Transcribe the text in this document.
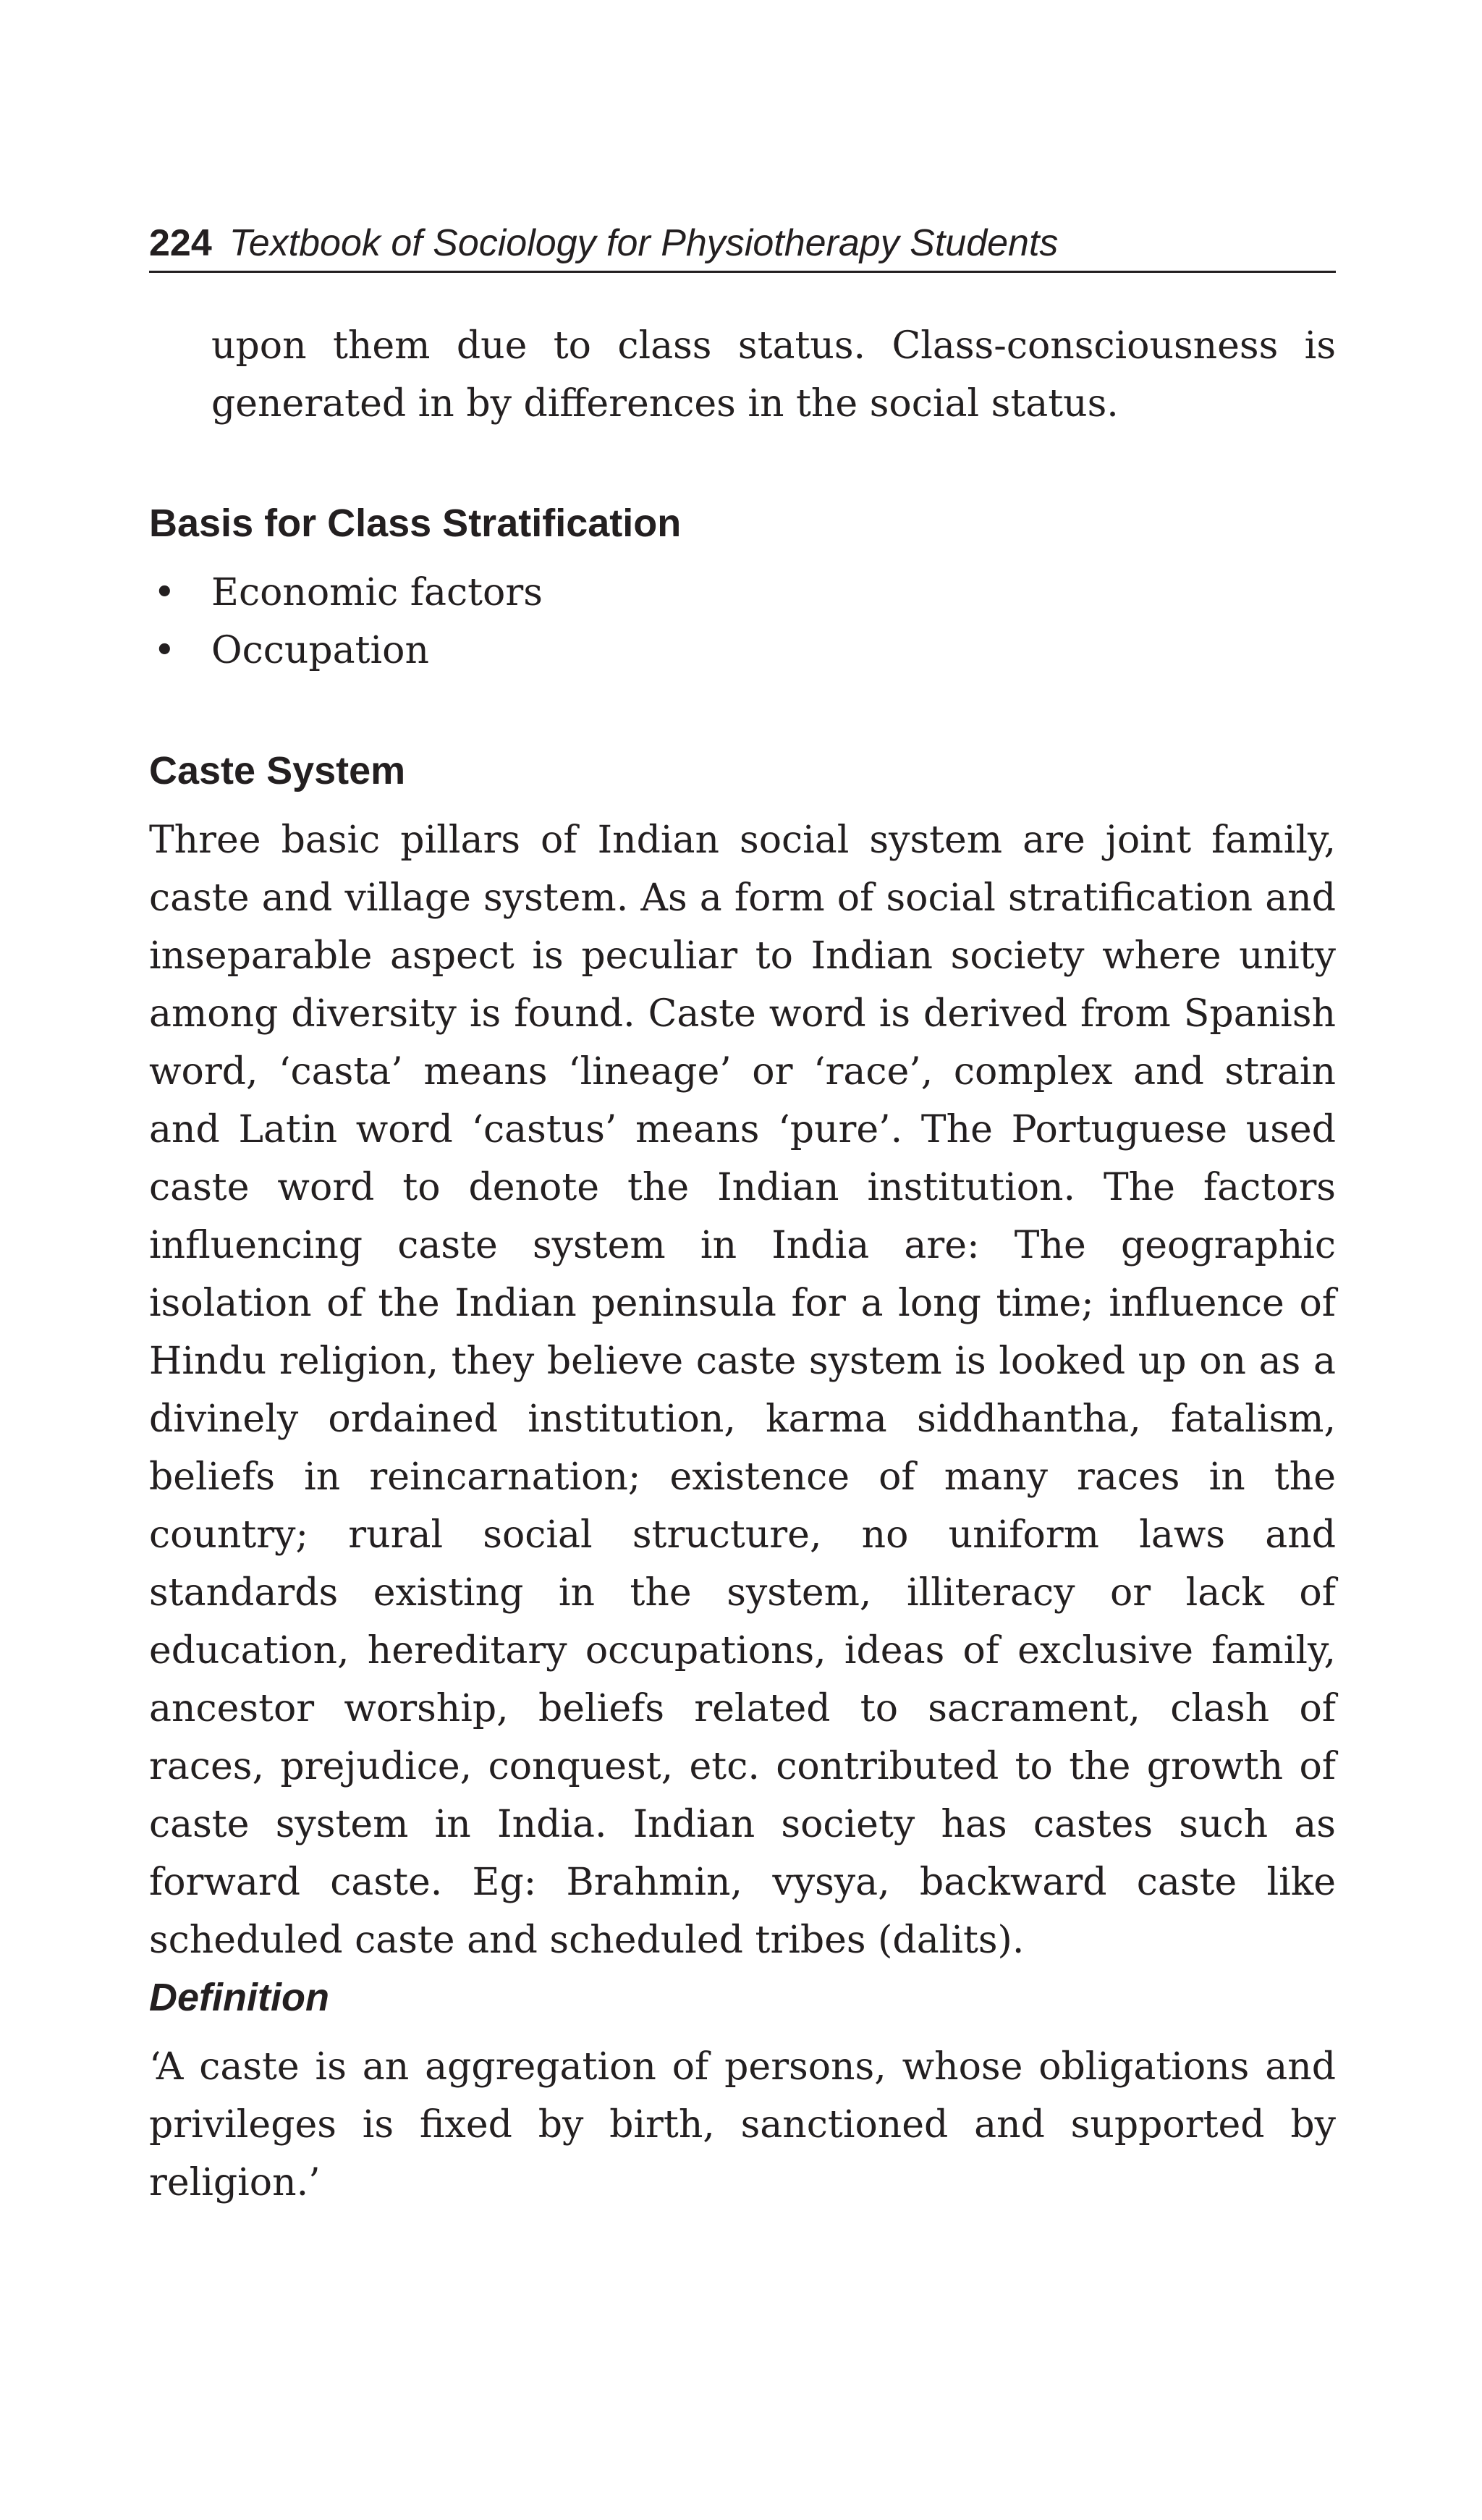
224 Textbook of Sociology for Physiotherapy Students

upon them due to class status. Class-consciousness is generated in by differences in the social status.

Basis for Class Stratification
• Economic factors
• Occupation
Caste System

Three basic pillars of Indian social system are joint family, caste and village system. As a form of social stratification and inseparable aspect is peculiar to Indian society where unity among diversity is found. Caste word is derived from Spanish word, ‘casta’ means ‘lineage’ or ‘race’, complex and strain and Latin word ‘castus’ means ‘pure’. The Portuguese used caste word to denote the Indian institution. The factors influencing caste system in India are: The geographic isolation of the Indian peninsula for a long time; influence of Hindu religion, they believe caste system is looked up on as a divinely ordained institution, karma siddhantha, fatalism, beliefs in reincarnation; existence of many races in the country; rural social structure, no uniform laws and standards existing in the system, illiteracy or lack of education, hereditary occupations, ideas of exclusive family, ancestor worship, beliefs related to sacrament, clash of races, prejudice, conquest, etc. contributed to the growth of caste system in India. Indian society has castes such as forward caste. Eg: Brahmin, vysya, backward caste like scheduled caste and scheduled tribes (dalits).

Definition

‘A caste is an aggregation of persons, whose obligations and privileges is fixed by birth, sanctioned and supported by religion.’
